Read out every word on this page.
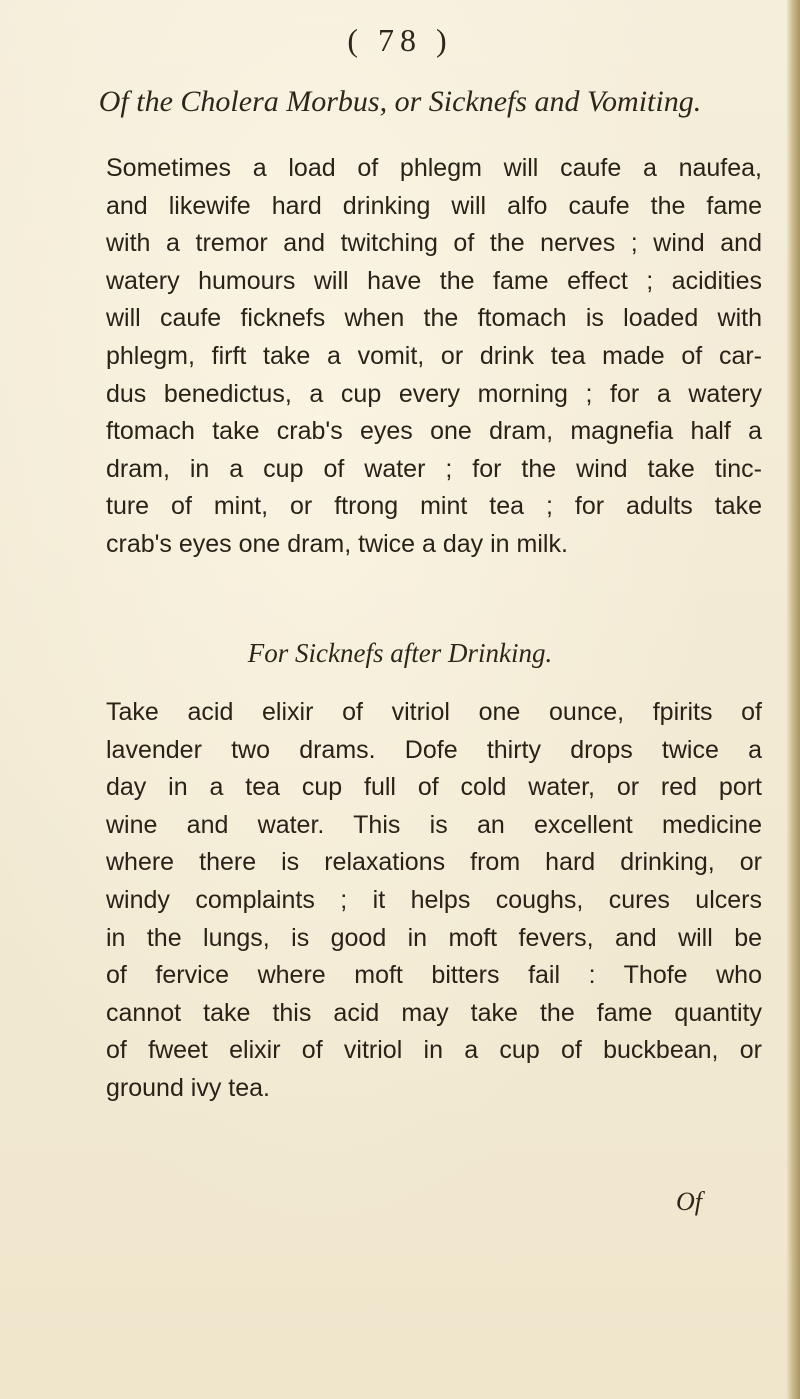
( 78 )
Of the Cholera Morbus, or Sicknefs and Vomiting.
Sometimes a load of phlegm will caufe a naufea,
and likewife hard drinking will alfo caufe the fame
with a tremor and twitching of the nerves ; wind and
watery humours will have the fame effect ; acidities
will caufe ficknefs when the ftomach is loaded with
phlegm, firft take a vomit, or drink tea made of car-
dus benedictus, a cup every morning ; for a watery
ftomach take crab's eyes one dram, magnefia half a
dram, in a cup of water ; for the wind take tinc-
ture of mint, or ftrong mint tea ; for adults take
crab's eyes one dram, twice a day in milk.
For Sicknefs after Drinking.
Take acid elixir of vitriol one ounce, fpirits of
lavender two drams. Dofe thirty drops twice a
day in a tea cup full of cold water, or red port
wine and water. This is an excellent medicine
where there is relaxations from hard drinking, or
windy complaints ; it helps coughs, cures ulcers
in the lungs, is good in moft fevers, and will be
of fervice where moft bitters fail : Thofe who
cannot take this acid may take the fame quantity
of fweet elixir of vitriol in a cup of buckbean, or
ground ivy tea.
Of
